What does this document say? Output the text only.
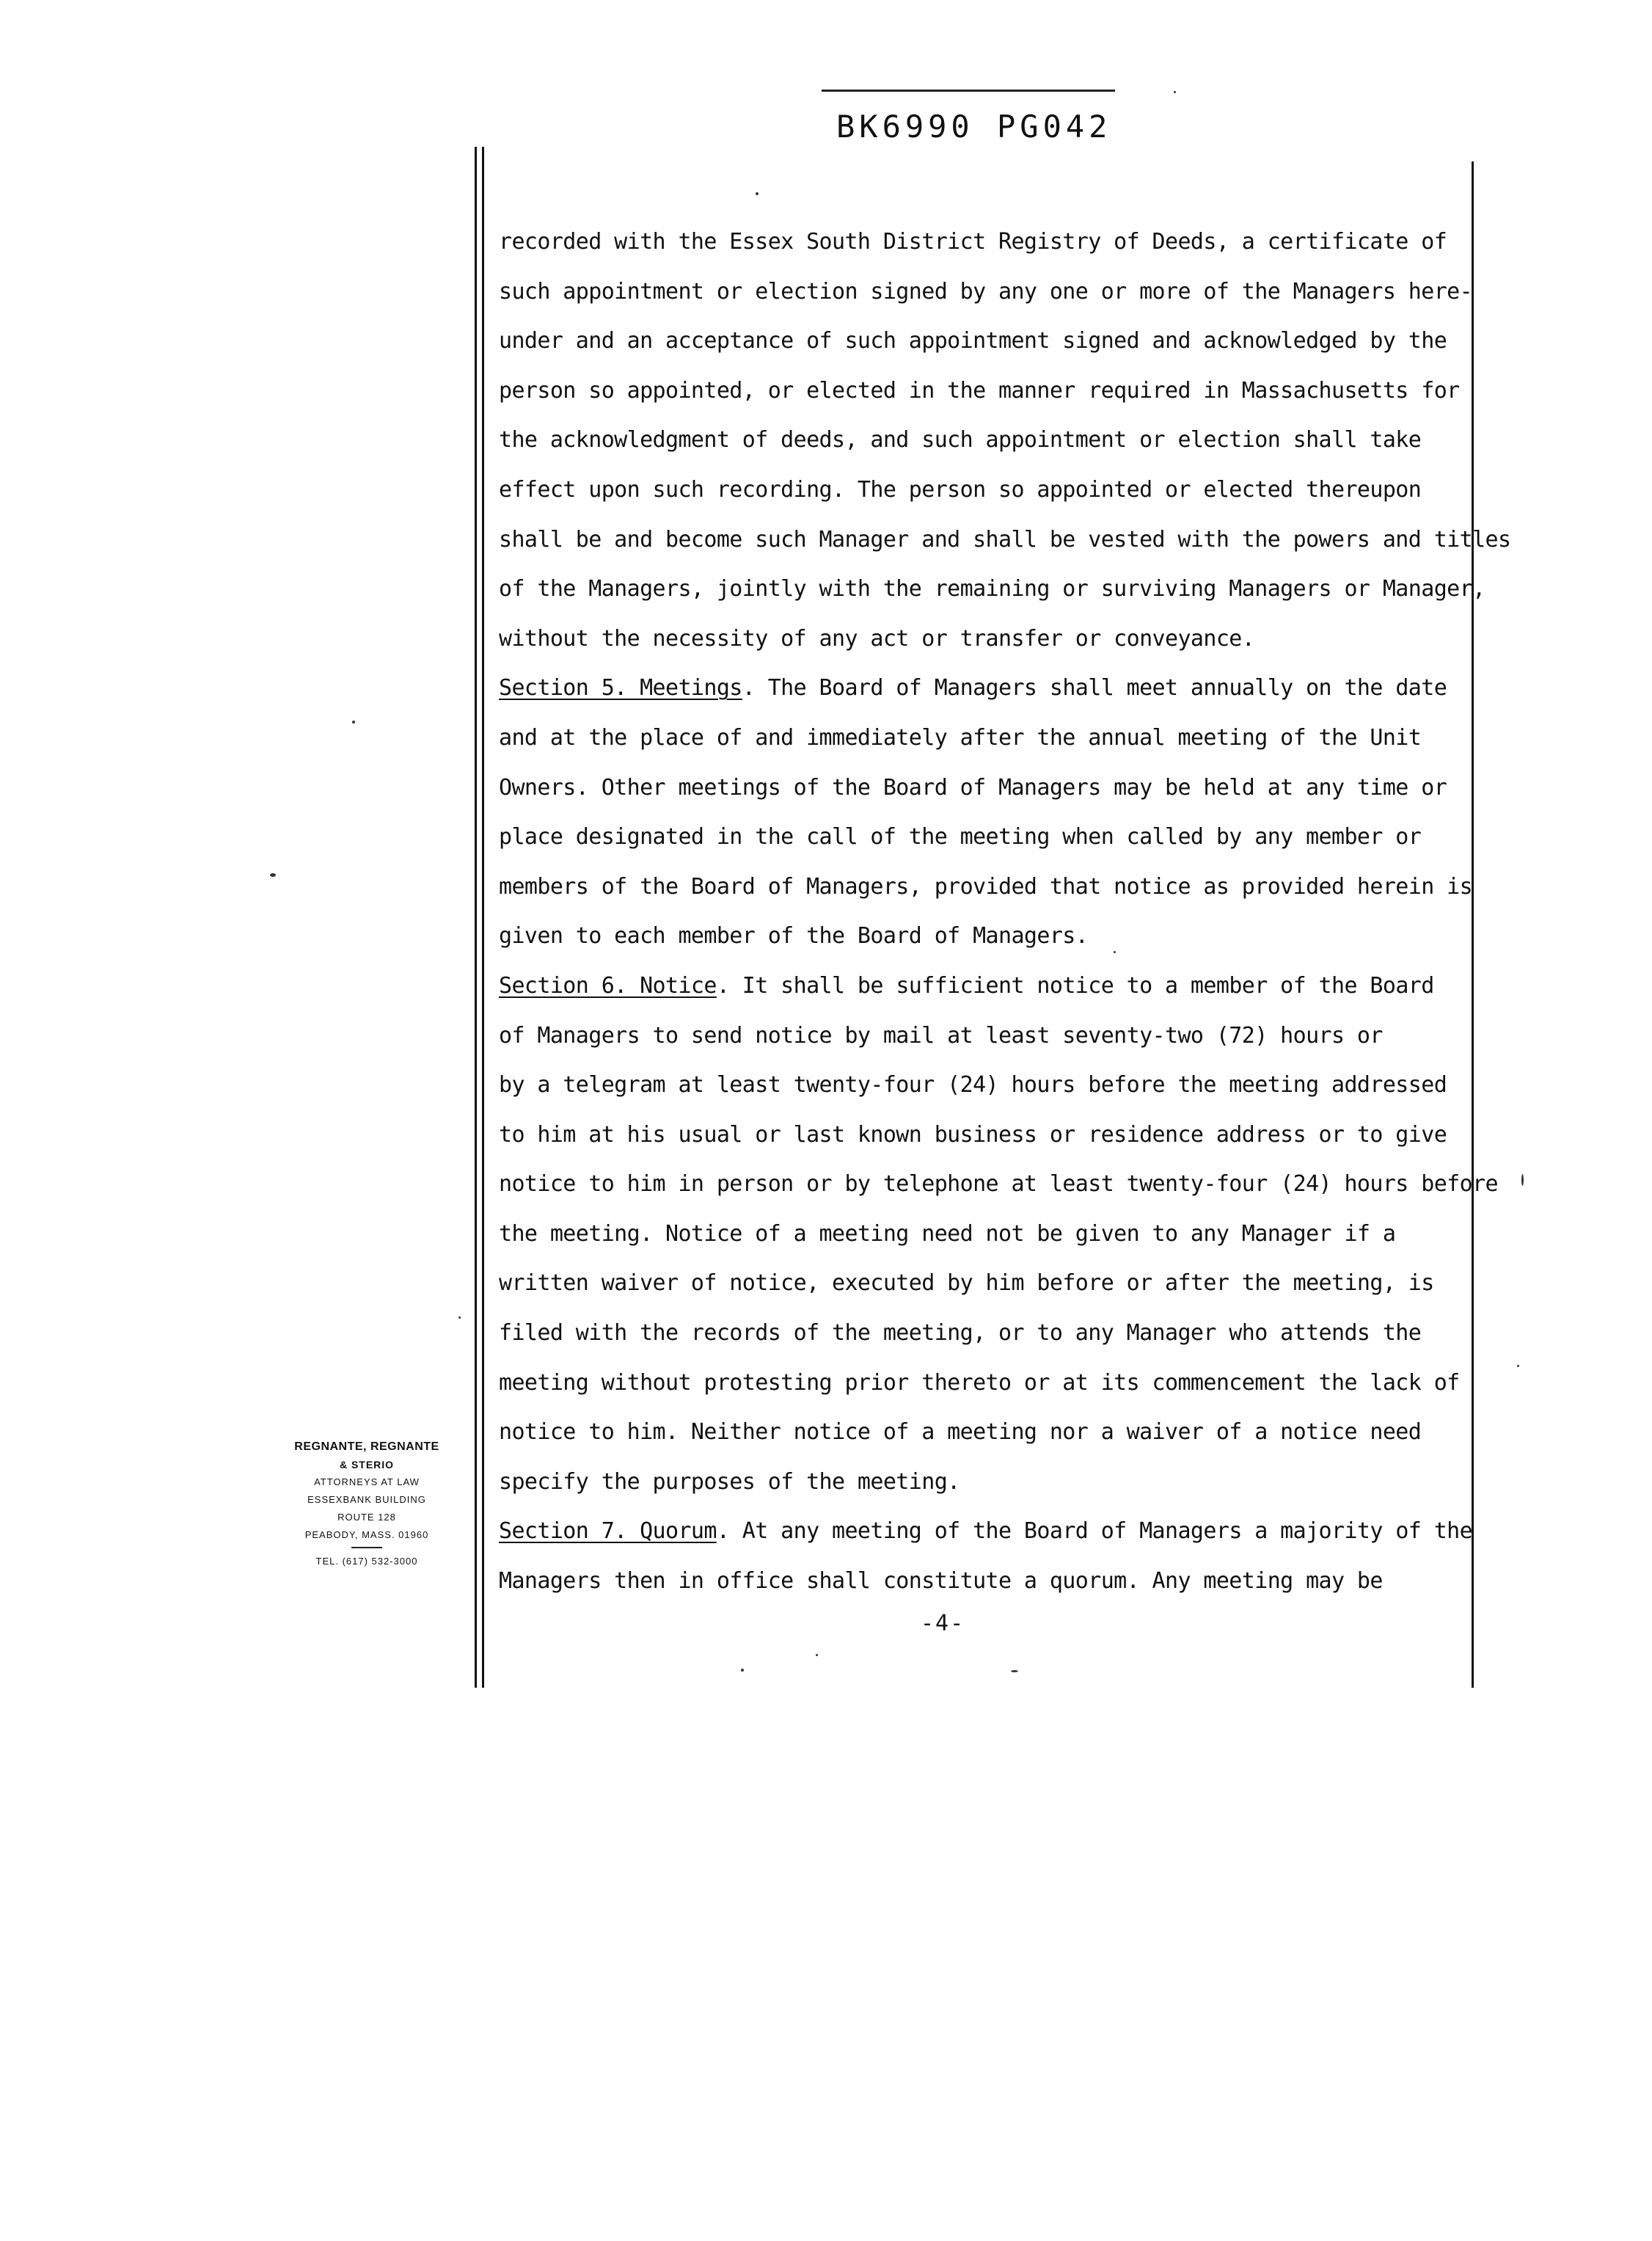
BK6990 PG042
recorded with the Essex South District Registry of Deeds, a certificate of
such appointment or election signed by any one or more of the Managers here-
under and an acceptance of such appointment signed and acknowledged by the
person so appointed, or elected in the manner required in Massachusetts for
the acknowledgment of deeds, and such appointment or election shall take
effect upon such recording. The person so appointed or elected thereupon
shall be and become such Manager and shall be vested with the powers and titles
of the Managers, jointly with the remaining or surviving Managers or Manager,
without the necessity of any act or transfer or conveyance.
Section 5. Meetings. The Board of Managers shall meet annually on the date
and at the place of and immediately after the annual meeting of the Unit
Owners. Other meetings of the Board of Managers may be held at any time or
place designated in the call of the meeting when called by any member or
members of the Board of Managers, provided that notice as provided herein is
given to each member of the Board of Managers.
Section 6. Notice. It shall be sufficient notice to a member of the Board
of Managers to send notice by mail at least seventy-two (72) hours or
by a telegram at least twenty-four (24) hours before the meeting addressed
to him at his usual or last known business or residence address or to give
notice to him in person or by telephone at least twenty-four (24) hours before
the meeting. Notice of a meeting need not be given to any Manager if a
written waiver of notice, executed by him before or after the meeting, is
filed with the records of the meeting, or to any Manager who attends the
meeting without protesting prior thereto or at its commencement the lack of
notice to him. Neither notice of a meeting nor a waiver of a notice need
specify the purposes of the meeting.
Section 7. Quorum. At any meeting of the Board of Managers a majority of the
Managers then in office shall constitute a quorum. Any meeting may be
-4-
REGNANTE, REGNANTE
& STERIO
ATTORNEYS AT LAW
ESSEXBANK BUILDING
ROUTE 128
PEABODY, MASS. 01960
TEL. (617) 532-3000
